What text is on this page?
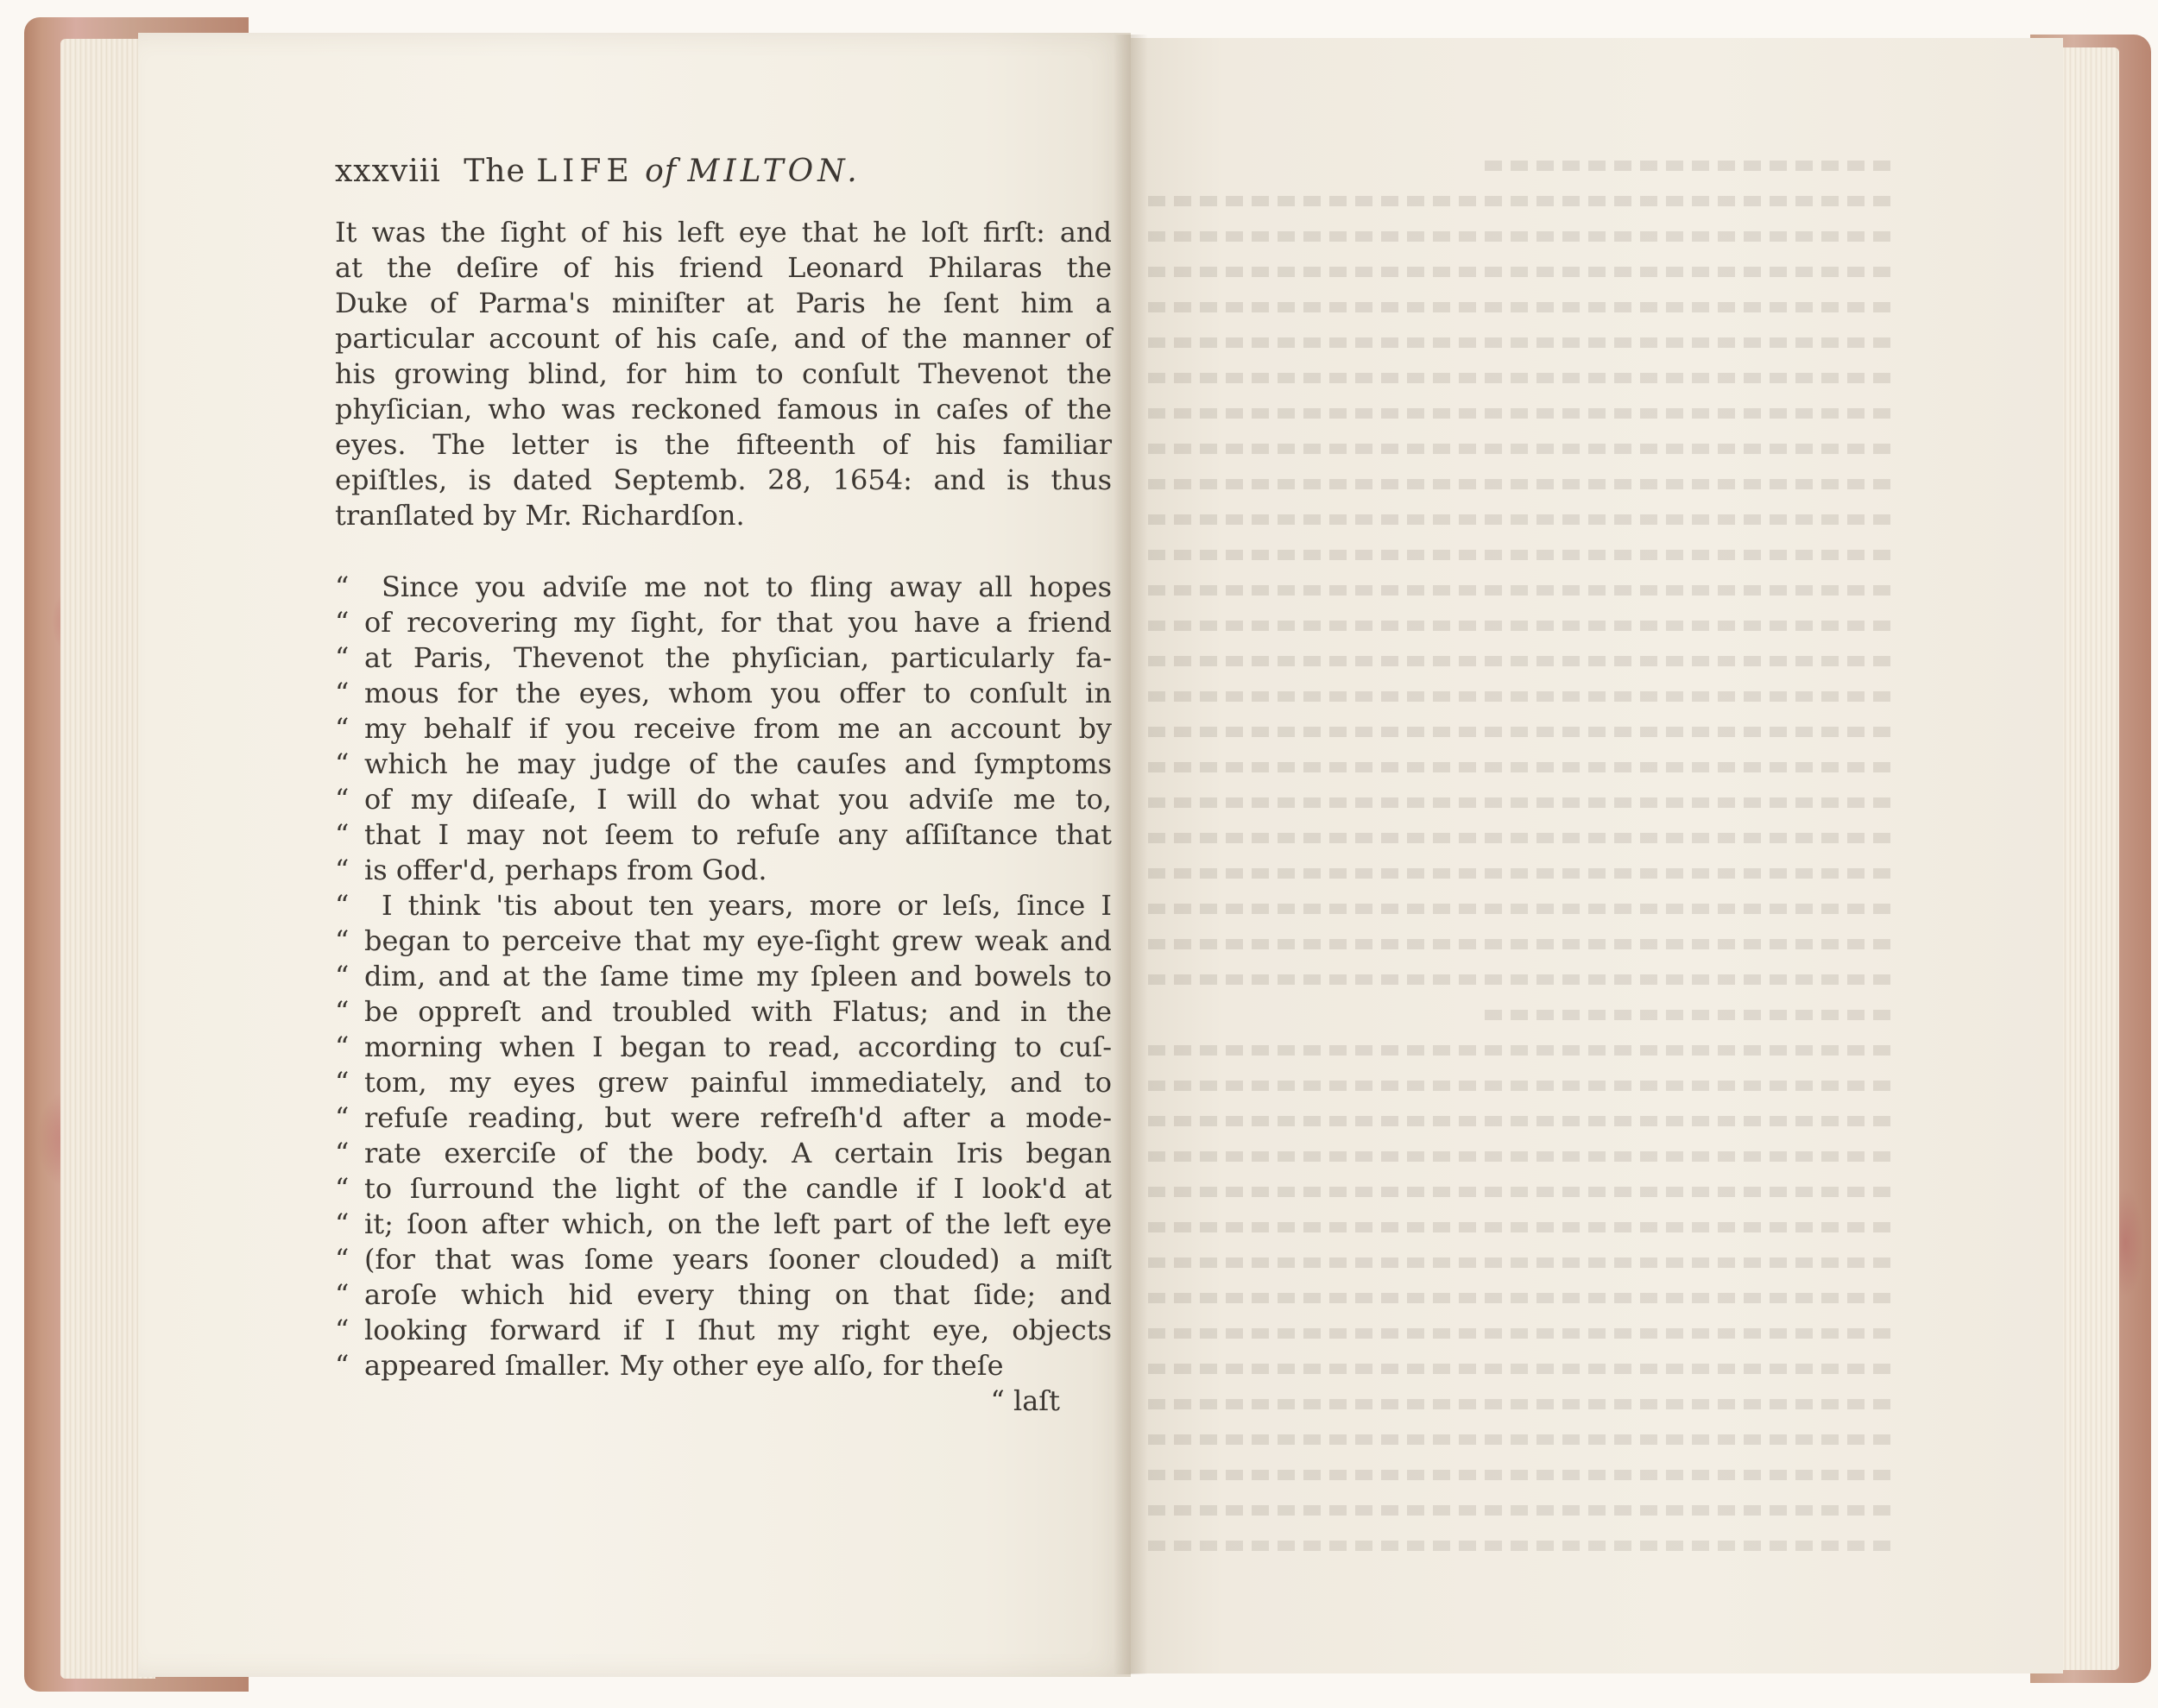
xxxviii The LIFE of MILTON.
It was the ſight of his left eye that he loſt firſt: and
at the deſire of his friend Leonard Philaras the
Duke of Parma's miniſter at Paris he ſent him a
particular account of his caſe, and of the manner of
his growing blind, for him to conſult Thevenot the
phyſician, who was reckoned famous in caſes of the
eyes. The letter is the fifteenth of his familiar
epiſtles, is dated Septemb. 28, 1654: and is thus
tranſlated by Mr. Richardſon.
“	Since you adviſe me not to fling away all hopes
“ of recovering my ſight, for that you have a friend
“ at Paris, Thevenot the phyſician, particularly fa-
“ mous for the eyes, whom you offer to conſult in
“ my behalf if you receive from me an account by
“ which he may judge of the cauſes and ſymptoms
“ of my diſeaſe, I will do what you adviſe me to,
“ that I may not ſeem to refuſe any aſſiſtance that
“ is offer'd, perhaps from God.
“	I think 'tis about ten years, more or leſs, ſince I
“ began to perceive that my eye-ſight grew weak and
“ dim, and at the ſame time my ſpleen and bowels to
“ be oppreſt and troubled with Flatus; and in the
“ morning when I began to read, according to cuſ-
“ tom, my eyes grew painful immediately, and to
“ refuſe reading, but were refreſh'd after a mode-
“ rate exerciſe of the body. A certain Iris began
“ to ſurround the light of the candle if I look'd at
“ it; ſoon after which, on the left part of the left eye
“ (for that was ſome years ſooner clouded) a miſt
“ aroſe which hid every thing on that ſide; and
“ looking forward if I ſhut my right eye, objects
“ appeared ſmaller. My other eye alſo, for theſe
“ laſt
